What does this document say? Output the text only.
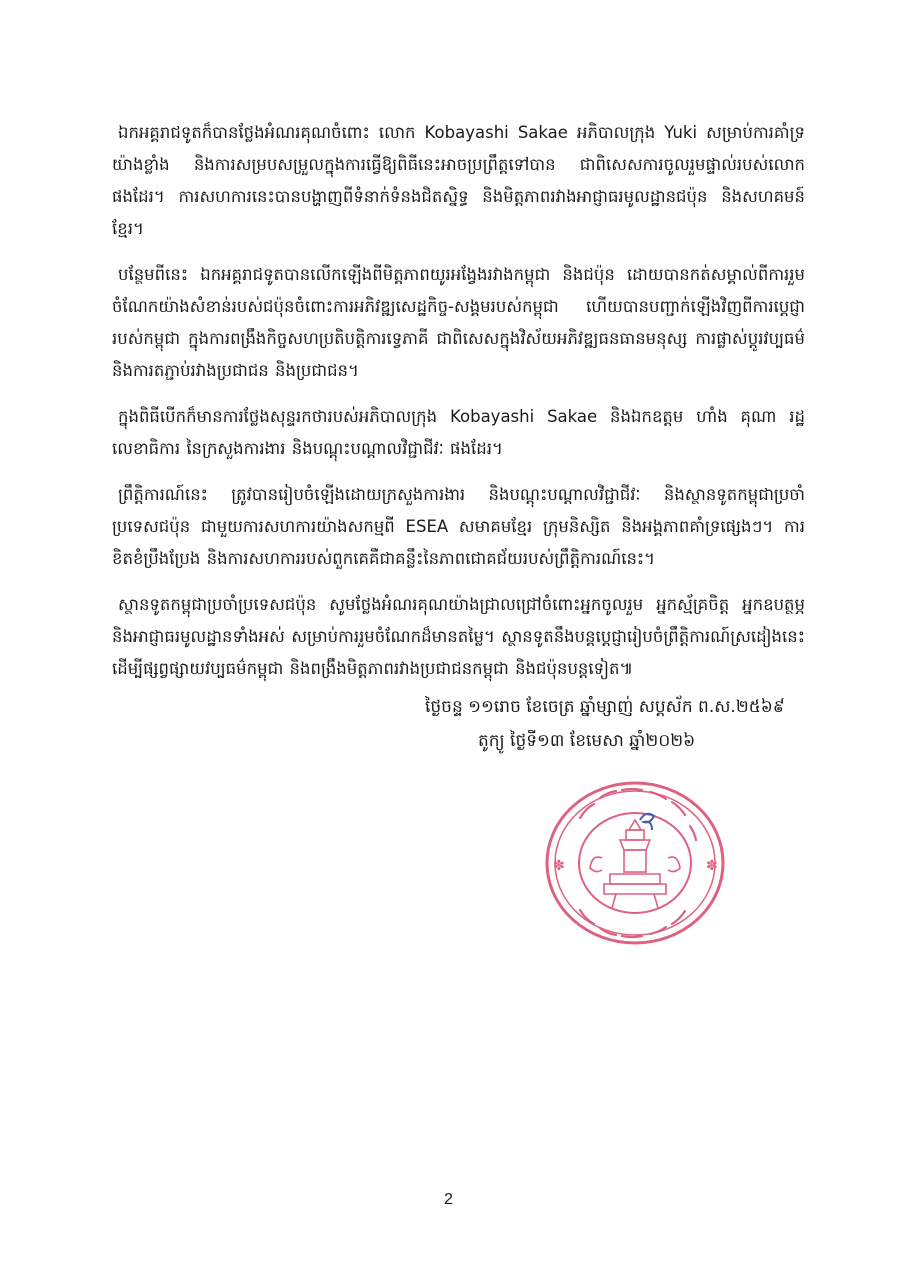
ឯកអគ្គរាជទូតក៏បានថ្លែងអំណរគុណចំពោះ លោក Kobayashi Sakae អភិបាលក្រុង Yuki សម្រាប់ការគាំទ្រយ៉ាងខ្លាំង និងការសម្របសម្រួលក្នុងការធ្វើឱ្យពិធីនេះអាចប្រព្រឹត្តទៅបាន ជាពិសេសការចូលរួមផ្ទាល់របស់លោកផងដែរ។ ការសហការនេះបានបង្ហាញពីទំនាក់ទំនងជិតស្និទ្ធ និងមិត្តភាពរវាងអាជ្ញាធរមូលដ្ឋានជប៉ុន និងសហគមន៍ខ្មែរ។

បន្ថែមពីនេះ ឯកអគ្គរាជទូតបានលើកឡើងពីមិត្តភាពយូរអង្វែងរវាងកម្ពុជា និងជប៉ុន ដោយបានកត់សម្គាល់ពីការរួមចំណែកយ៉ាងសំខាន់របស់ជប៉ុនចំពោះការអភិវឌ្ឍសេដ្ឋកិច្ច-សង្គមរបស់កម្ពុជា ហើយបានបញ្ជាក់ឡើងវិញពីការប្តេជ្ញារបស់កម្ពុជា ក្នុងការពង្រឹងកិច្ចសហប្រតិបត្តិការទ្វេភាគី ជាពិសេសក្នុងវិស័យអភិវឌ្ឍធនធានមនុស្ស ការផ្លាស់ប្តូរវប្បធម៌ និងការតភ្ជាប់រវាងប្រជាជន និងប្រជាជន។

ក្នុងពិធីបើកក៏មានការថ្លែងសុន្ទរកថារបស់អភិបាលក្រុង Kobayashi Sakae និងឯកឧត្តម ហាំង គុណា រដ្ឋលេខាធិការ នៃក្រសួងការងារ និងបណ្តុះបណ្តាលវិជ្ជាជីវៈ ផងដែរ។

ព្រឹត្តិការណ៍នេះ ត្រូវបានរៀបចំឡើងដោយក្រសួងការងារ និងបណ្តុះបណ្តាលវិជ្ជាជីវៈ និងស្ថានទូតកម្ពុជាប្រចាំប្រទេសជប៉ុន ជាមួយការសហការយ៉ាងសកម្មពី ESEA សមាគមខ្មែរ ក្រុមនិស្សិត និងអង្គភាពគាំទ្រផ្សេងៗ។ ការខិតខំប្រឹងប្រែង និងការសហការរបស់ពួកគេគឺជាគន្លឹះនៃភាពជោគជ័យរបស់ព្រឹត្តិការណ៍នេះ។

ស្ថានទូតកម្ពុជាប្រចាំប្រទេសជប៉ុន សូមថ្លែងអំណរគុណយ៉ាងជ្រាលជ្រៅចំពោះអ្នកចូលរួម អ្នកស្ម័គ្រចិត្ត អ្នកឧបត្ថម្ភ និងអាជ្ញាធរមូលដ្ឋានទាំងអស់ សម្រាប់ការរួមចំណែកដ៏មានតម្លៃ។ ស្ថានទូតនឹងបន្តប្តេជ្ញារៀបចំព្រឹត្តិការណ៍ស្រដៀងនេះ ដើម្បីផ្សព្វផ្សាយវប្បធម៌កម្ពុជា និងពង្រឹងមិត្តភាពរវាងប្រជាជនកម្ពុជា និងជប៉ុនបន្តទៀត៕

ថ្ងៃចន្ទ ១១រោច ខែចេត្រ ឆ្នាំម្សាញ់ សប្តស័ក ព.ស.២៥៦៩
តូក្យូ ថ្ងៃទី១៣ ខែមេសា ឆ្នាំ២០២៦
✽	✽
2
